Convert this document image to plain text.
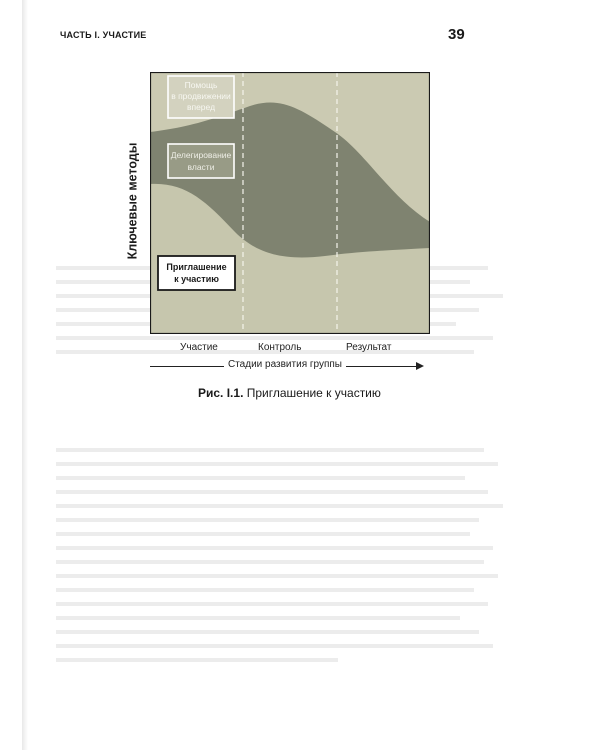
ЧАСТЬ I. УЧАСТИЕ	39
Ключевые методы
Помощь
в продвижении
вперед
Делегирование
власти
Приглашение
к участию
Участие	Контроль	Результат
Стадии развития группы
Рис. I.1. Приглашение к участию
